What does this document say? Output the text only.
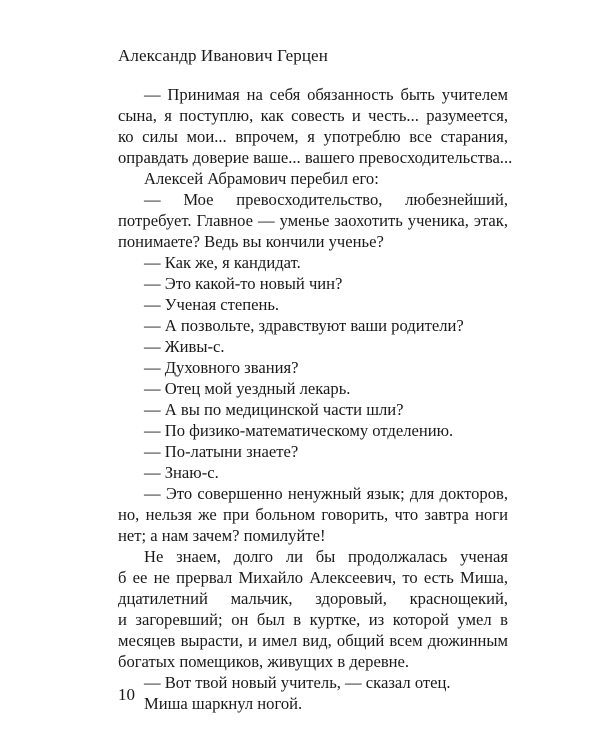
Александр Иванович Герцен
— Принимая на себя обязанность быть учителем
сына, я поступлю, как совесть и честь... разумеется,
ко силы мои... впрочем, я употреблю все старания,
оправдать доверие ваше... вашего превосходительства...
Алексей Абрамович перебил его:
— Мое превосходительство, любезнейший,
потребует. Главное — уменье заохотить ученика, этак,
понимаете? Ведь вы кончили ученье?
— Как же, я кандидат.
— Это какой-то новый чин?
— Ученая степень.
— А позвольте, здравствуют ваши родители?
— Живы-с.
— Духовного звания?
— Отец мой уездный лекарь.
— А вы по медицинской части шли?
— По физико-математическому отделению.
— По-латыни знаете?
— Знаю-с.
— Это совершенно ненужный язык; для докторов,
но, нельзя же при больном говорить, что завтра ноги
нет; а нам зачем? помилуйте!
Не знаем, долго ли бы продолжалась ученая
б ее не прервал Михайло Алексеевич, то есть Миша,
дцатилетний мальчик, здоровый, краснощекий,
и загоревший; он был в куртке, из которой умел в
месяцев вырасти, и имел вид, общий всем дюжинным
богатых помещиков, живущих в деревне.
— Вот твой новый учитель, — сказал отец.
Миша шаркнул ногой.
10
